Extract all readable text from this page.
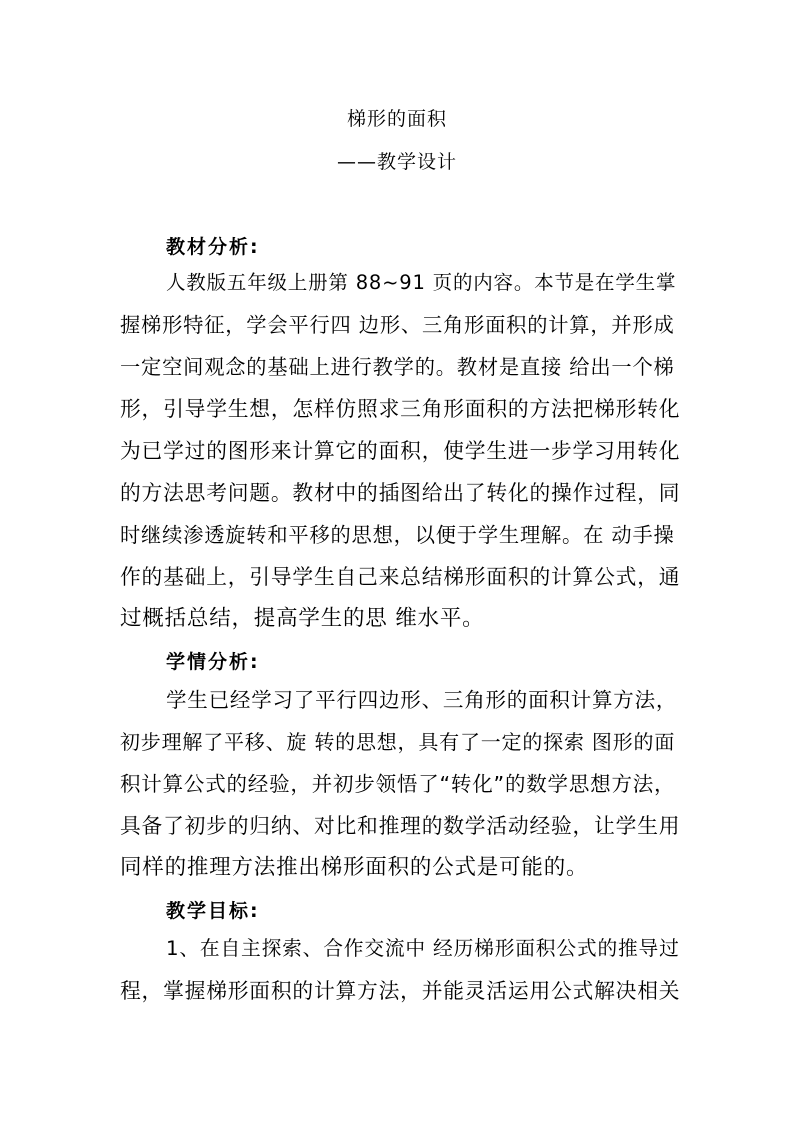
梯形的面积
——教学设计
教材分析:
人教版五年级上册第 88~91 页的内容。本节是在学生掌
握梯形特征，学会平行四 边形、三角形面积的计算，并形成
一定空间观念的基础上进行教学的。教材是直接 给出一个梯
形，引导学生想，怎样仿照求三角形面积的方法把梯形转化
为已学过的图形来计算它的面积，使学生进一步学习用转化
的方法思考问题。教材中的插图给出了转化的操作过程，同
时继续渗透旋转和平移的思想，以便于学生理解。在 动手操
作的基础上，引导学生自己来总结梯形面积的计算公式，通
过概括总结，提高学生的思 维水平。
学情分析:
学生已经学习了平行四边形、三角形的面积计算方法，
初步理解了平移、旋 转的思想，具有了一定的探索 图形的面
积计算公式的经验，并初步领悟了“转化”的数学思想方法，
具备了初步的归纳、对比和推理的数学活动经验，让学生用
同样的推理方法推出梯形面积的公式是可能的。
教学目标:
1、在自主探索、合作交流中 经历梯形面积公式的推导过
程，掌握梯形面积的计算方法，并能灵活运用公式解决相关
